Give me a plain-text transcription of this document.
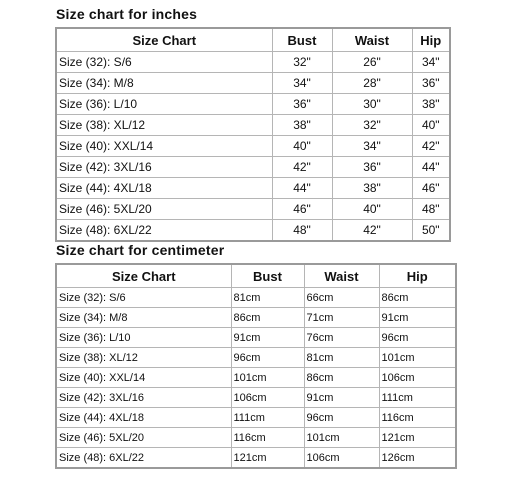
Size chart for inches
Size Chart	Bust	Waist	Hip
Size (32): S/6	32"	26"	34"
Size (34): M/8	34"	28"	36"
Size (36): L/10	36"	30"	38"
Size (38): XL/12	38"	32"	40"
Size (40): XXL/14	40"	34"	42"
Size (42): 3XL/16	42"	36"	44"
Size (44): 4XL/18	44"	38"	46"
Size (46): 5XL/20	46"	40"	48"
Size (48): 6XL/22	48"	42"	50"
Size chart for centimeter
Size Chart	Bust	Waist	Hip
Size (32): S/6	81cm	66cm	86cm
Size (34): M/8	86cm	71cm	91cm
Size (36): L/10	91cm	76cm	96cm
Size (38): XL/12	96cm	81cm	101cm
Size (40): XXL/14	101cm	86cm	106cm
Size (42): 3XL/16	106cm	91cm	111cm
Size (44): 4XL/18	111cm	96cm	116cm
Size (46): 5XL/20	116cm	101cm	121cm
Size (48): 6XL/22	121cm	106cm	126cm
